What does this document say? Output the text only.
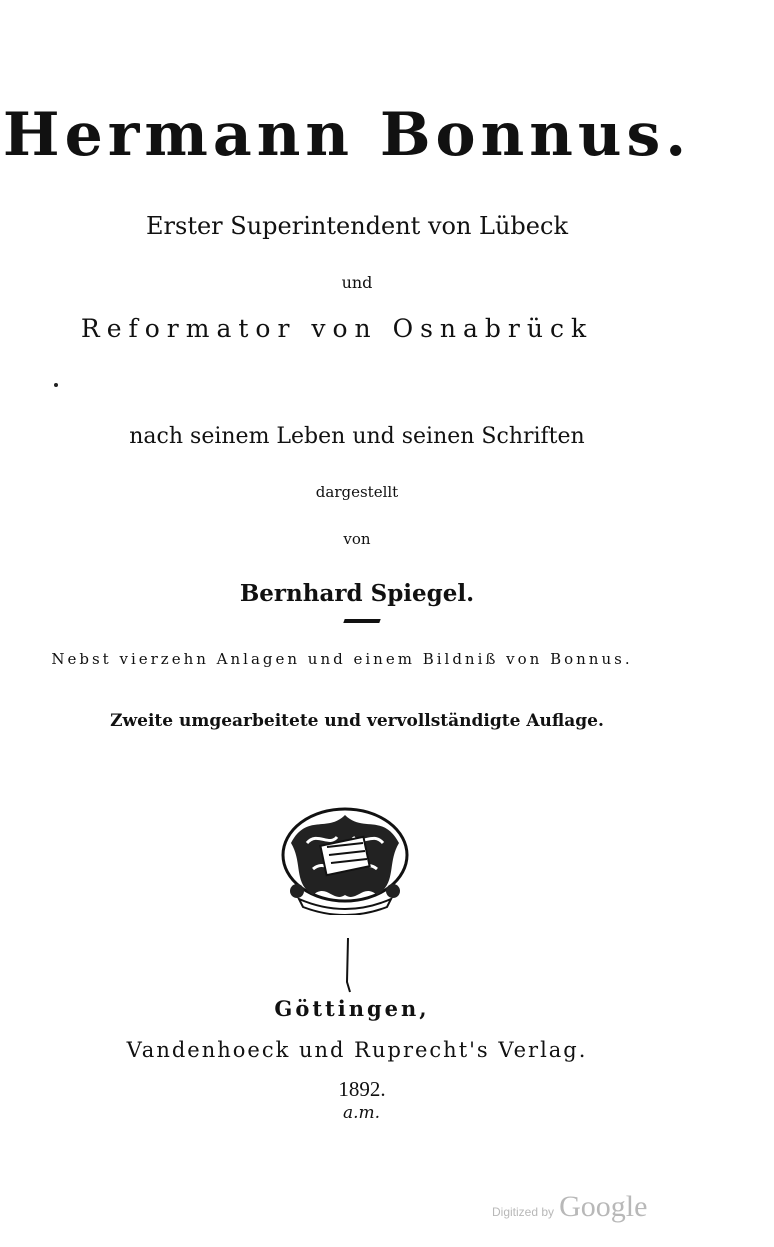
Hermann Bonnus.
Erster Superintendent von Lübeck
und
Reformator von Osnabrück
nach seinem Leben und seinen Schriften
dargestellt
von
Bernhard Spiegel.
Nebst vierzehn Anlagen und einem Bildniß von Bonnus.
Zweite umgearbeitete und vervollständigte Auflage.
Göttingen,
Vandenhoeck und Ruprecht's Verlag.
1892.
a.m.
Digitized by Google
